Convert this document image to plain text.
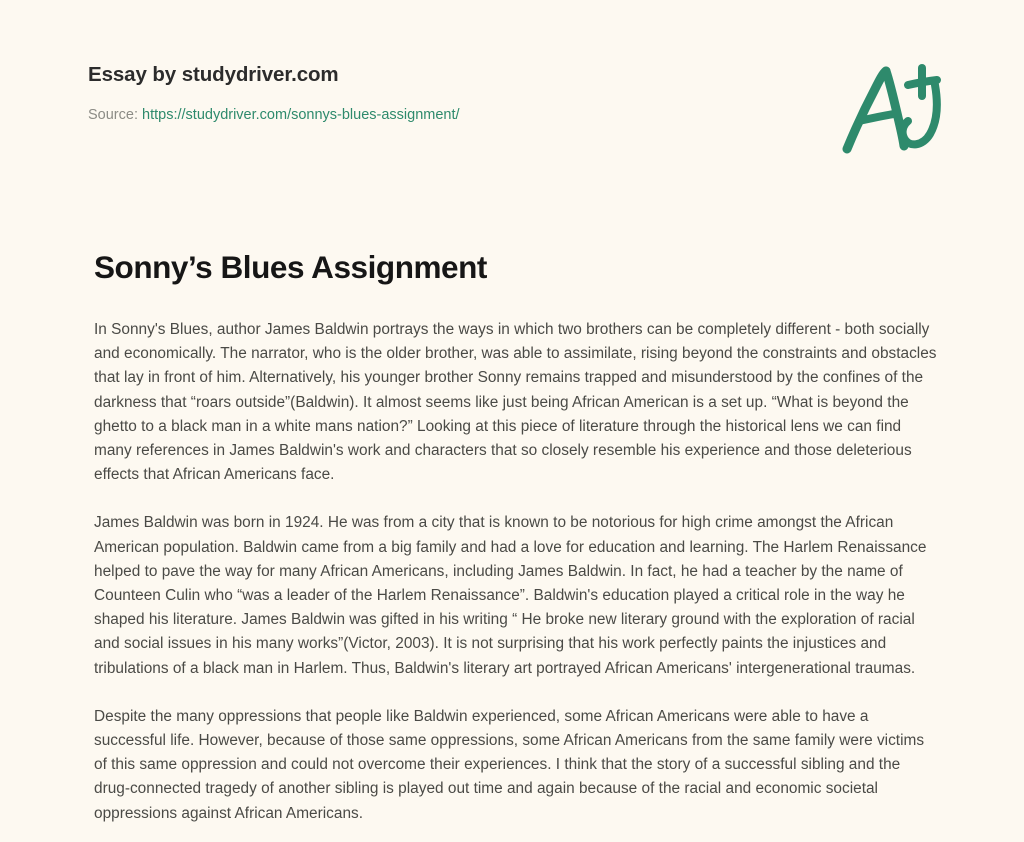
Essay by studydriver.com
Source: https://studydriver.com/sonnys-blues-assignment/
Sonny’s Blues Assignment

In Sonny's Blues, author James Baldwin portrays the ways in which two brothers can be completely different - both socially and economically. The narrator, who is the older brother, was able to assimilate, rising beyond the constraints and obstacles that lay in front of him. Alternatively, his younger brother Sonny remains trapped and misunderstood by the confines of the darkness that “roars outside”(Baldwin). It almost seems like just being African American is a set up. “What is beyond the ghetto to a black man in a white mans nation?” Looking at this piece of literature through the historical lens we can find many references in James Baldwin's work and characters that so closely resemble his experience and those deleterious effects that African Americans face.

James Baldwin was born in 1924. He was from a city that is known to be notorious for high crime amongst the African American population. Baldwin came from a big family and had a love for education and learning. The Harlem Renaissance helped to pave the way for many African Americans, including James Baldwin. In fact, he had a teacher by the name of Counteen Culin who “was a leader of the Harlem Renaissance”. Baldwin's education played a critical role in the way he shaped his literature. James Baldwin was gifted in his writing “ He broke new literary ground with the exploration of racial and social issues in his many works”(Victor, 2003). It is not surprising that his work perfectly paints the injustices and tribulations of a black man in Harlem. Thus, Baldwin's literary art portrayed African Americans' intergenerational traumas.

Despite the many oppressions that people like Baldwin experienced, some African Americans were able to have a successful life. However, because of those same oppressions, some African Americans from the same family were victims of this same oppression and could not overcome their experiences. I think that the story of a successful sibling and the drug-connected tragedy of another sibling is played out time and again because of the racial and economic societal oppressions against African Americans.
